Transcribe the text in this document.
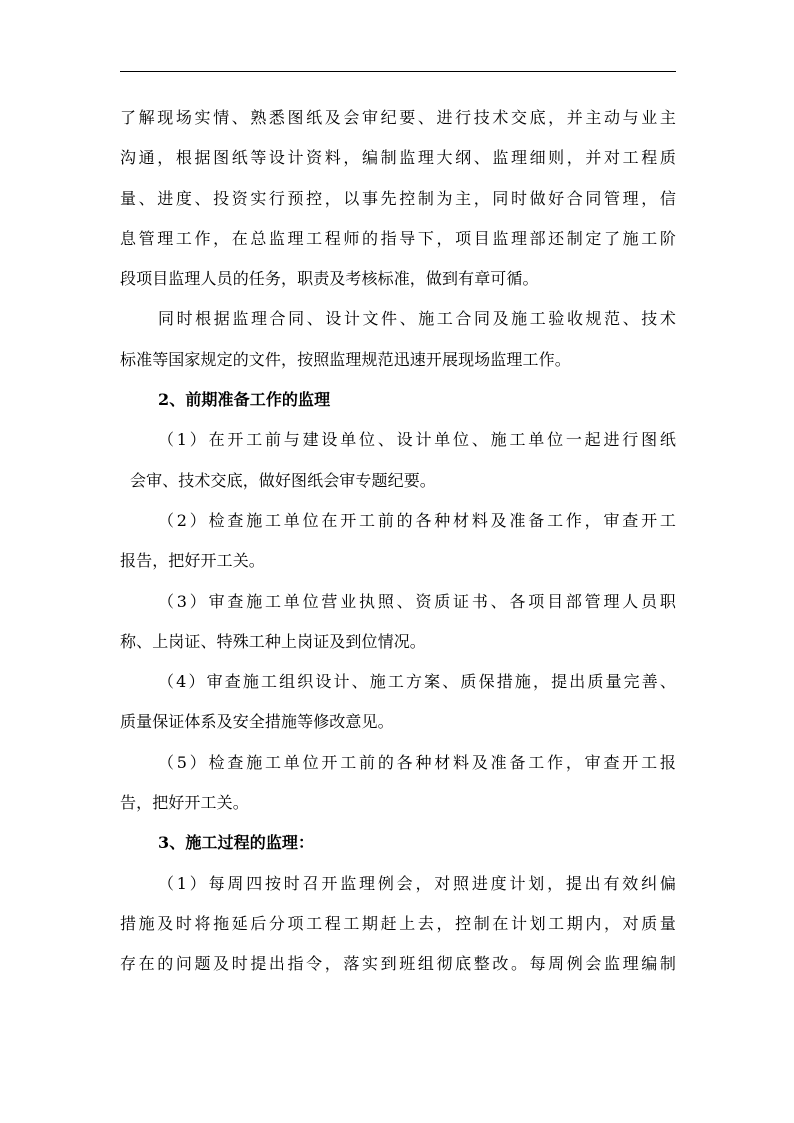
了解现场实情、熟悉图纸及会审纪要、进行技术交底，并主动与业主
沟通，根据图纸等设计资料，编制监理大纲、监理细则，并对工程质
量、进度、投资实行预控，以事先控制为主，同时做好合同管理，信
息管理工作，在总监理工程师的指导下，项目监理部还制定了施工阶
段项目监理人员的任务，职责及考核标准，做到有章可循。
同时根据监理合同、设计文件、施工合同及施工验收规范、技术
标准等国家规定的文件，按照监理规范迅速开展现场监理工作。
2、前期准备工作的监理
（1）在开工前与建设单位、设计单位、施工单位一起进行图纸
会审、技术交底，做好图纸会审专题纪要。
（2）检查施工单位在开工前的各种材料及准备工作，审查开工
报告，把好开工关。
（3）审查施工单位营业执照、资质证书、各项目部管理人员职
称、上岗证、特殊工种上岗证及到位情况。
（4）审查施工组织设计、施工方案、质保措施，提出质量完善、
质量保证体系及安全措施等修改意见。
（5）检查施工单位开工前的各种材料及准备工作，审查开工报
告，把好开工关。
3、施工过程的监理：
（1）每周四按时召开监理例会，对照进度计划，提出有效纠偏
措施及时将拖延后分项工程工期赶上去，控制在计划工期内，对质量
存在的问题及时提出指令，落实到班组彻底整改。每周例会监理编制
